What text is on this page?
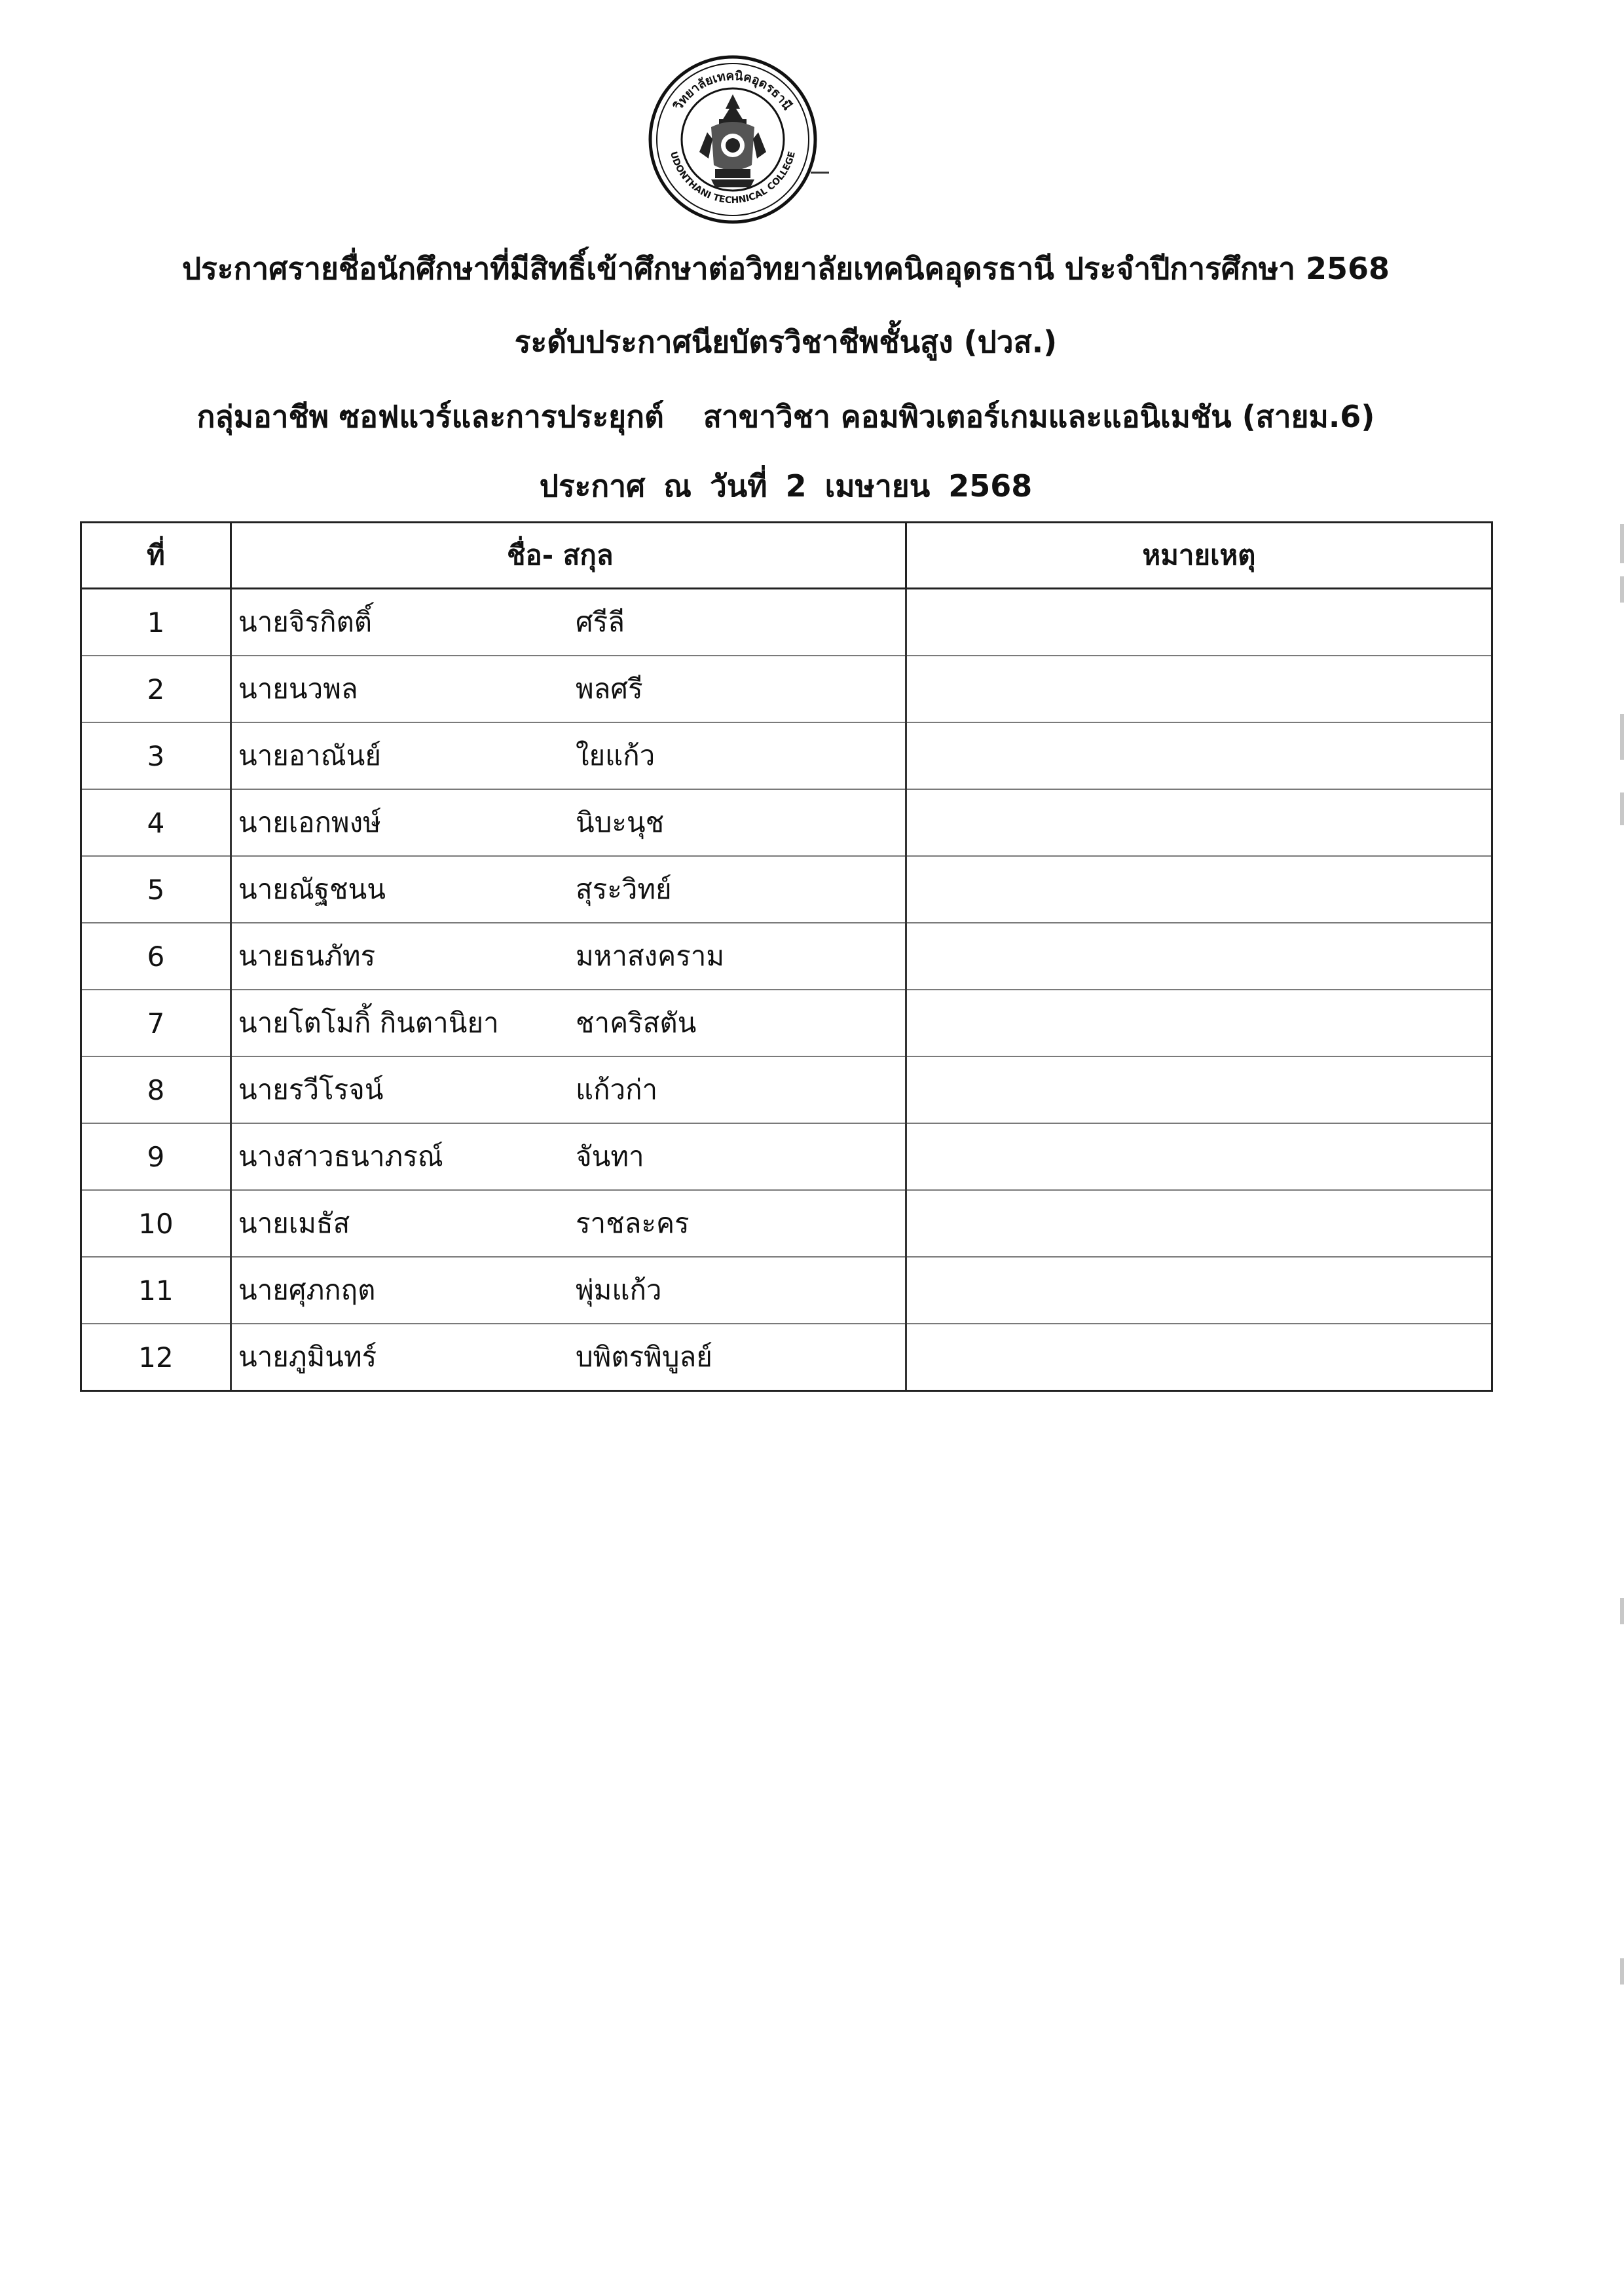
วิทยาลัยเทคนิคอุดรธานี
UDONTHANI TECHNICAL COLLEGE
ประกาศรายชื่อนักศึกษาที่มีสิทธิ์เข้าศึกษาต่อวิทยาลัยเทคนิคอุดรธานี ประจำปีการศึกษา 2568
ระดับประกาศนียบัตรวิชาชีพชั้นสูง (ปวส.)
กลุ่มอาชีพ ซอฟแวร์และการประยุกต์ สาขาวิชา คอมพิวเตอร์เกมและแอนิเมชัน (สายม.6)
ประกาศ ณ วันที่ 2 เมษายน 2568
ที่	ชื่อ- สกุล	หมายเหตุ
1	นายจิรกิตติ์ ศรีลี	
2	นายนวพล พลศรี	
3	นายอาณันย์ ใยแก้ว	
4	นายเอกพงษ์ นิบะนุช	
5	นายณัฐชนน สุระวิทย์	
6	นายธนภัทร มหาสงคราม	
7	นายโตโมกิ้ กินตานิยา ชาคริสตัน	
8	นายรวีโรจน์ แก้วก่า	
9	นางสาวธนาภรณ์ จันทา	
10	นายเมธัส ราชละคร	
11	นายศุภกฤต พุ่มแก้ว	
12	นายภูมินทร์ บพิตรพิบูลย์	
